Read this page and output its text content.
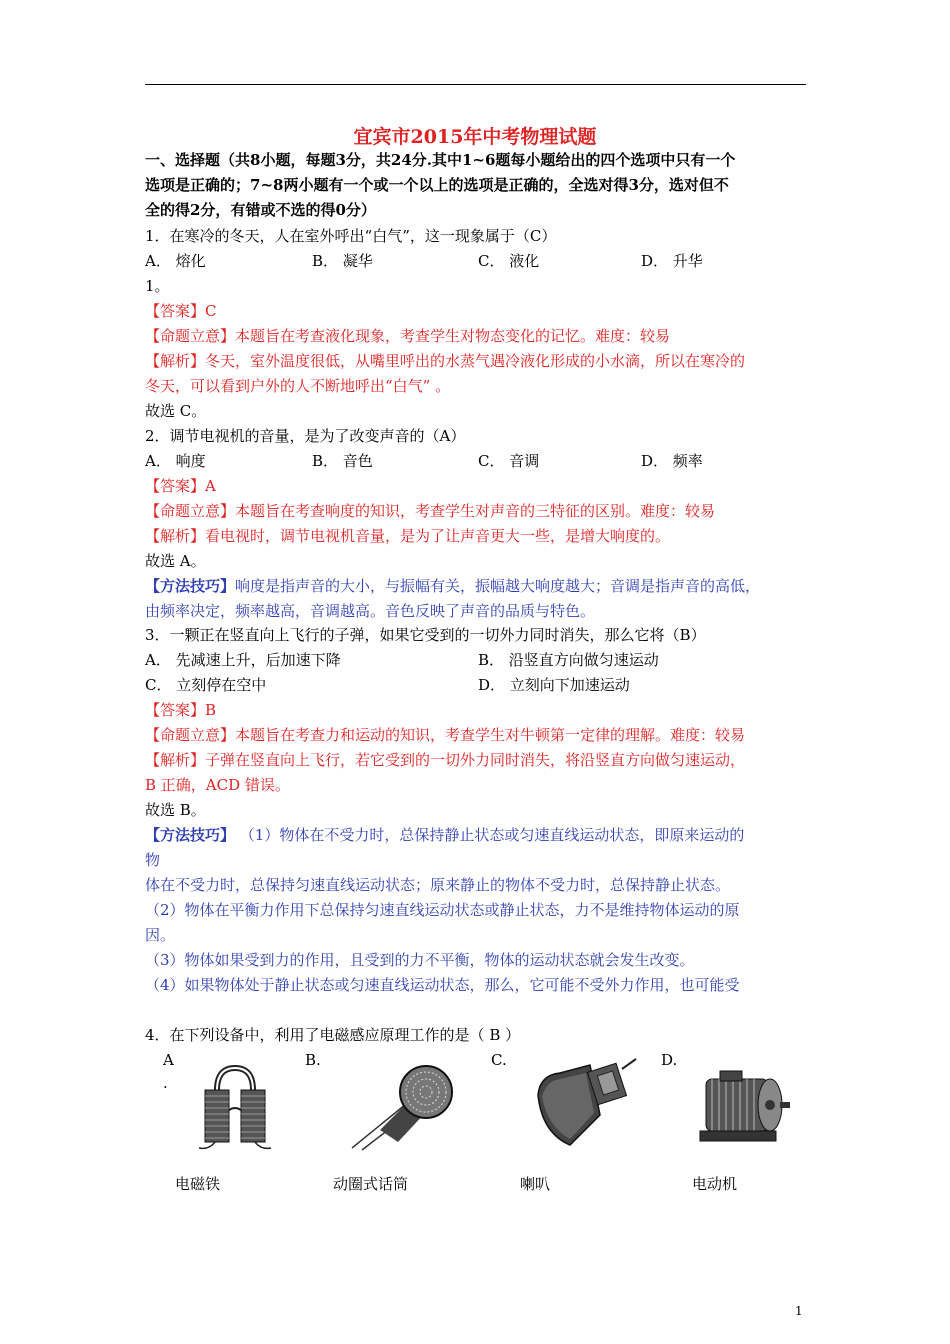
宜宾市2015年中考物理试题
一、选择题（共8小题，每题3分，共24分.其中1~6题每小题给出的四个选项中只有一个
选项是正确的；7~8两小题有一个或一个以上的选项是正确的，全选对得3分，选对但不
全的得2分，有错或不选的得0分）
1．在寒冷的冬天，人在室外呼出“白气”，这一现象属于（C）
A． 熔化	B． 凝华	C． 液化	D． 升华
1。
【答案】C
【命题立意】本题旨在考查液化现象，考查学生对物态变化的记忆。难度：较易
【解析】冬天，室外温度很低，从嘴里呼出的水蒸气遇冷液化形成的小水滴，所以在寒冷的
冬天，可以看到户外的人不断地呼出“白气” 。
故选 C。
2．调节电视机的音量，是为了改变声音的（A）
A． 响度	B． 音色	C． 音调	D． 频率
【答案】A
【命题立意】本题旨在考查响度的知识，考查学生对声音的三特征的区别。难度：较易
【解析】看电视时，调节电视机音量，是为了让声音更大一些，是增大响度的。
故选 A。
【方法技巧】响度是指声音的大小，与振幅有关，振幅越大响度越大；音调是指声音的高低，
由频率决定，频率越高，音调越高。音色反映了声音的品质与特色。
3．一颗正在竖直向上飞行的子弹，如果它受到的一切外力同时消失，那么它将（B）
A． 先减速上升，后加速下降	B． 沿竖直方向做匀速运动
C． 立刻停在空中	D． 立刻向下加速运动
【答案】B
【命题立意】本题旨在考查力和运动的知识，考查学生对牛顿第一定律的理解。难度：较易
【解析】子弹在竖直向上飞行，若它受到的一切外力同时消失，将沿竖直方向做匀速运动，
B 正确，ACD 错误。
故选 B。
【方法技巧】 （1）物体在不受力时，总保持静止状态或匀速直线运动状态，即原来运动的
物
体在不受力时，总保持匀速直线运动状态；原来静止的物体不受力时，总保持静止状态。
（2）物体在平衡力作用下总保持匀速直线运动状态或静止状态，力不是维持物体运动的原
因。
（3）物体如果受到力的作用，且受到的力不平衡，物体的运动状态就会发生改变。
（4）如果物体处于静止状态或匀速直线运动状态，那么，它可能不受外力作用，也可能受
4．在下列设备中，利用了电磁感应原理工作的是（ B ）
A
.
B.	C.	D.
电磁铁	动圈式话筒	喇叭	电动机
1
